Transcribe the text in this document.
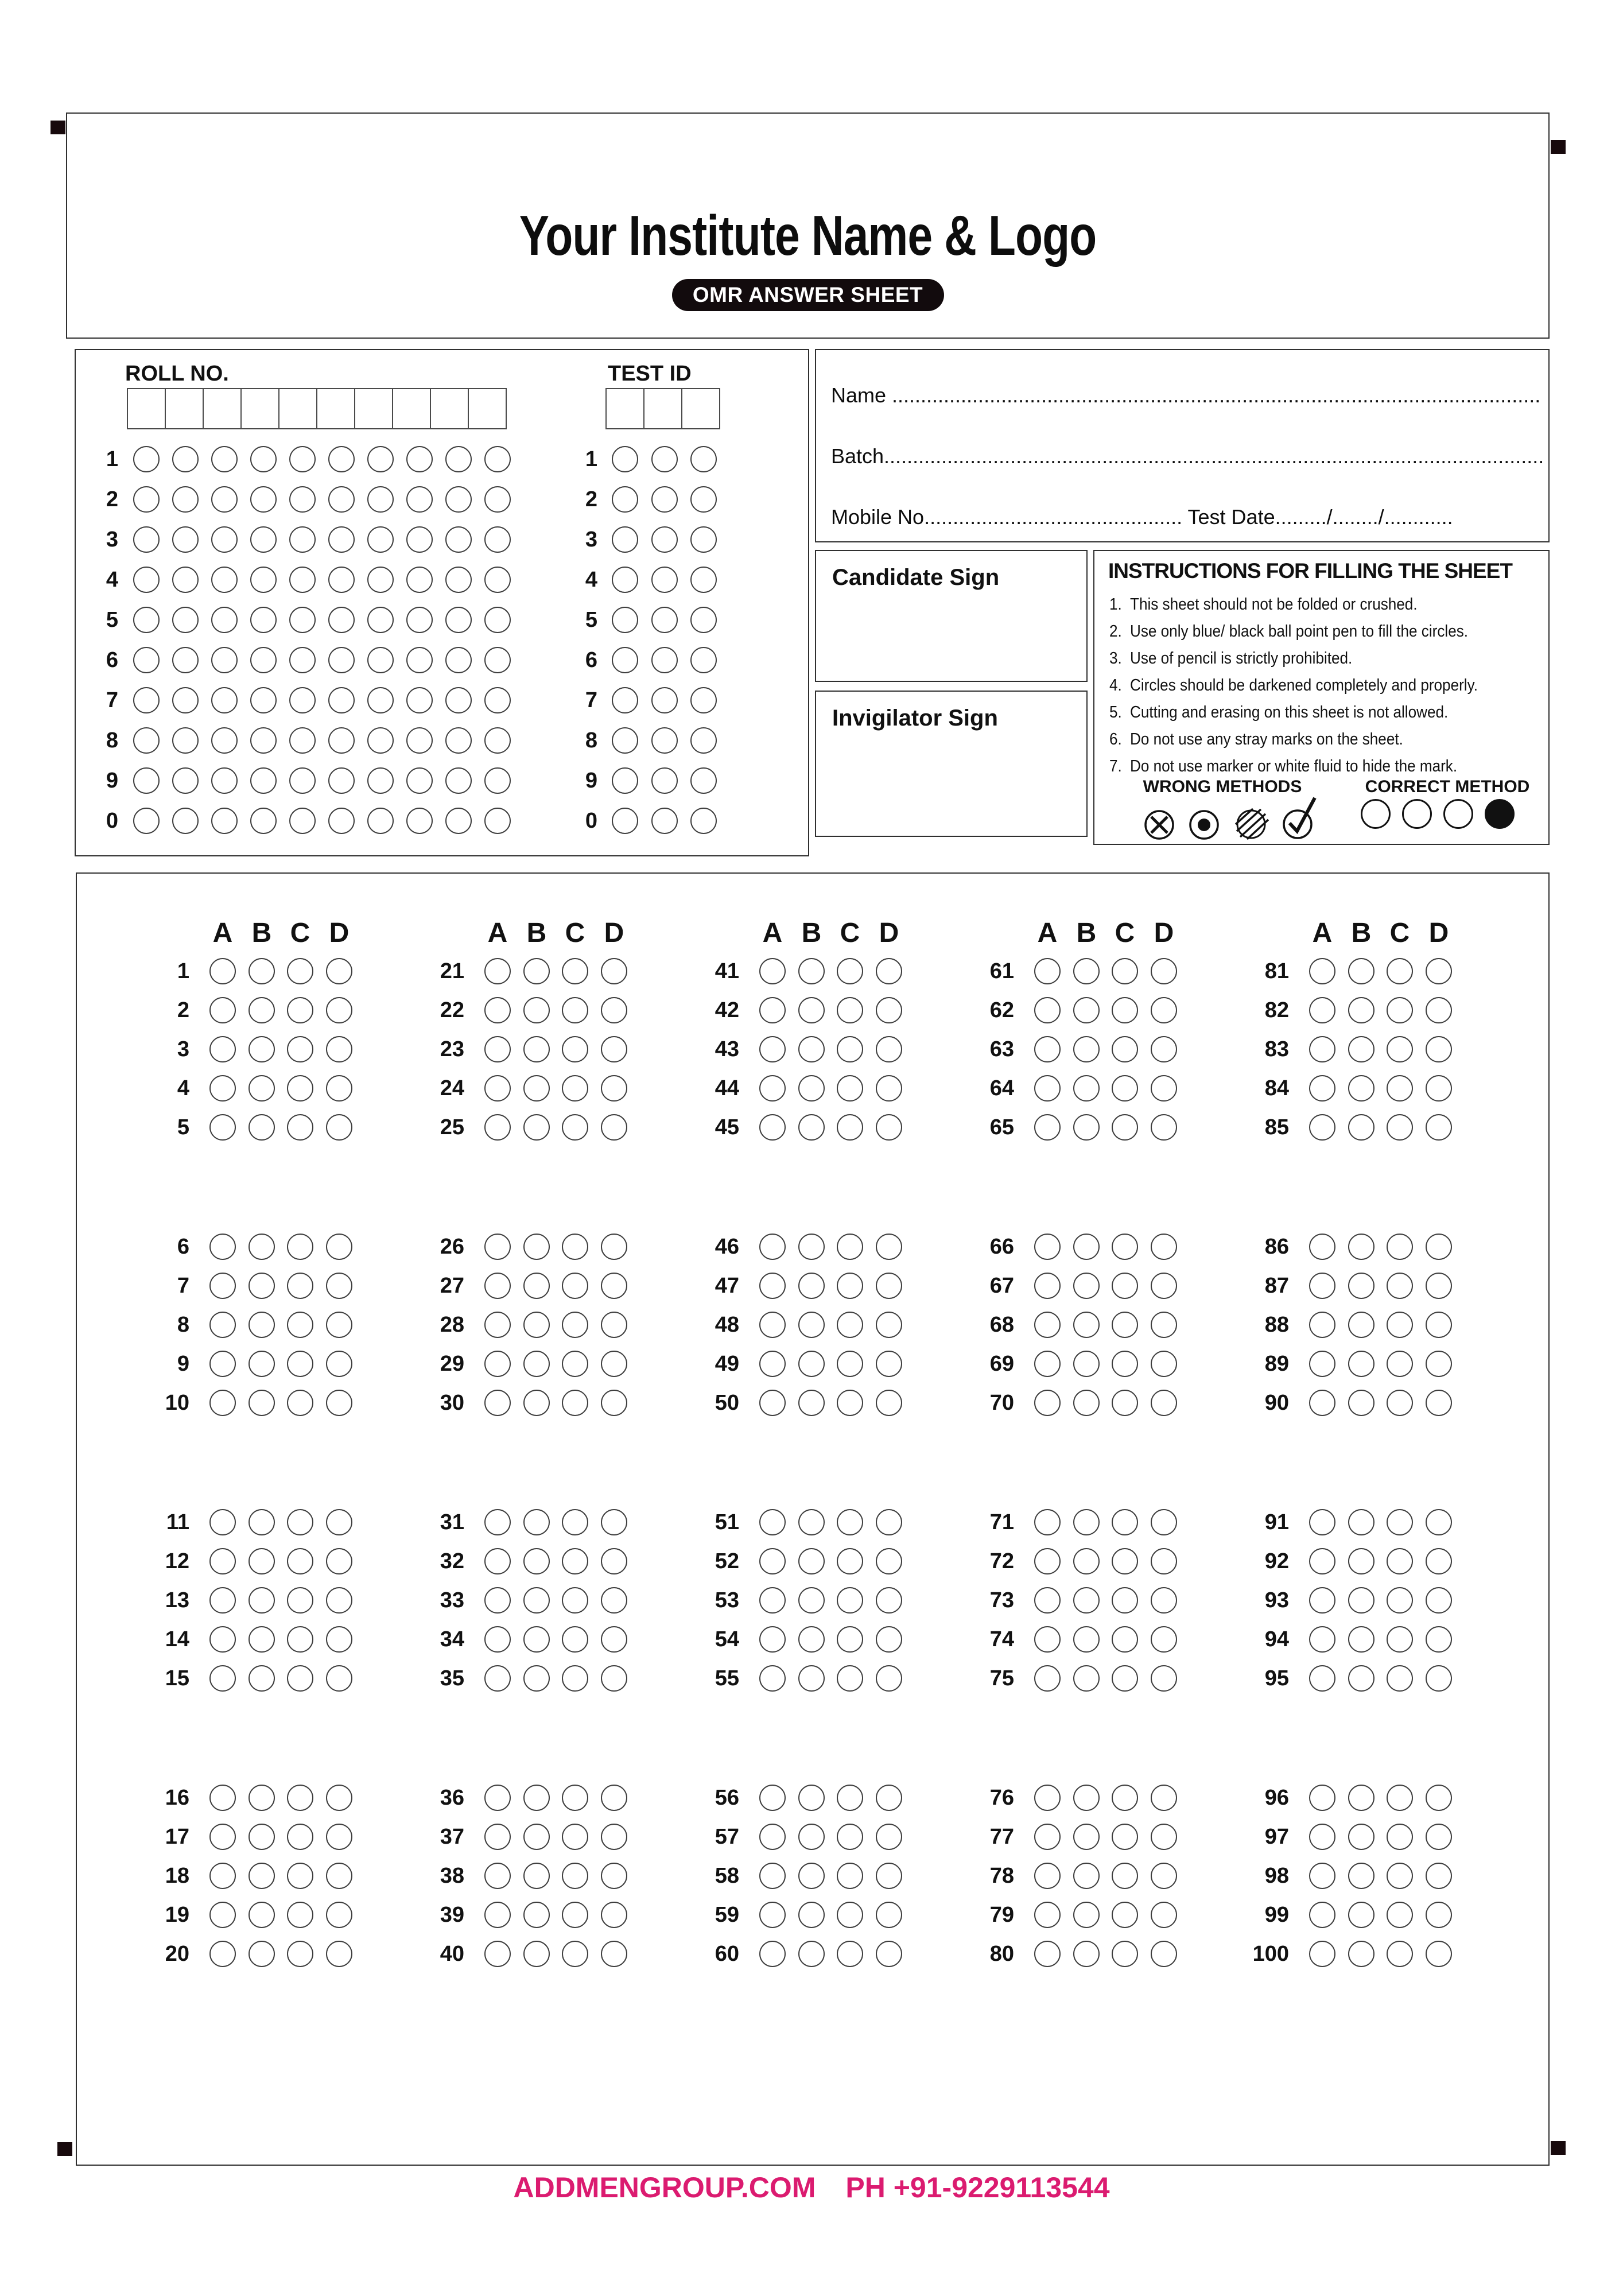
Your Institute Name & Logo
OMR ANSWER SHEET
ROLL NO.	TEST ID
1
2
3
4
5
6
7
8
9
0
1
2
3
4
5
6
7
8
9
0
Name .................................................................................................................
Batch...................................................................................................................
Mobile No............................................. Test Date........./......../............
Candidate Sign
Invigilator Sign
INSTRUCTIONS FOR FILLING THE SHEET
1. This sheet should not be folded or crushed.
2. Use only blue/ black ball point pen to fill the circles.
3. Use of pencil is strictly prohibited.
4. Circles should be darkened completely and properly.
5. Cutting and erasing on this sheet is not allowed.
6. Do not use any stray marks on the sheet.
7. Do not use marker or white fluid to hide the mark.
WRONG METHODS	CORRECT METHOD
A B C D
1
2
3
4
5
6
7
8
9
10
11
12
13
14
15
16
17
18
19
20
A B C D
21
22
23
24
25
26
27
28
29
30
31
32
33
34
35
36
37
38
39
40
A B C D
41
42
43
44
45
46
47
48
49
50
51
52
53
54
55
56
57
58
59
60
A B C D
61
62
63
64
65
66
67
68
69
70
71
72
73
74
75
76
77
78
79
80
A B C D
81
82
83
84
85
86
87
88
89
90
91
92
93
94
95
96
97
98
99
100
ADDMENGROUP.COM PH +91-9229113544
